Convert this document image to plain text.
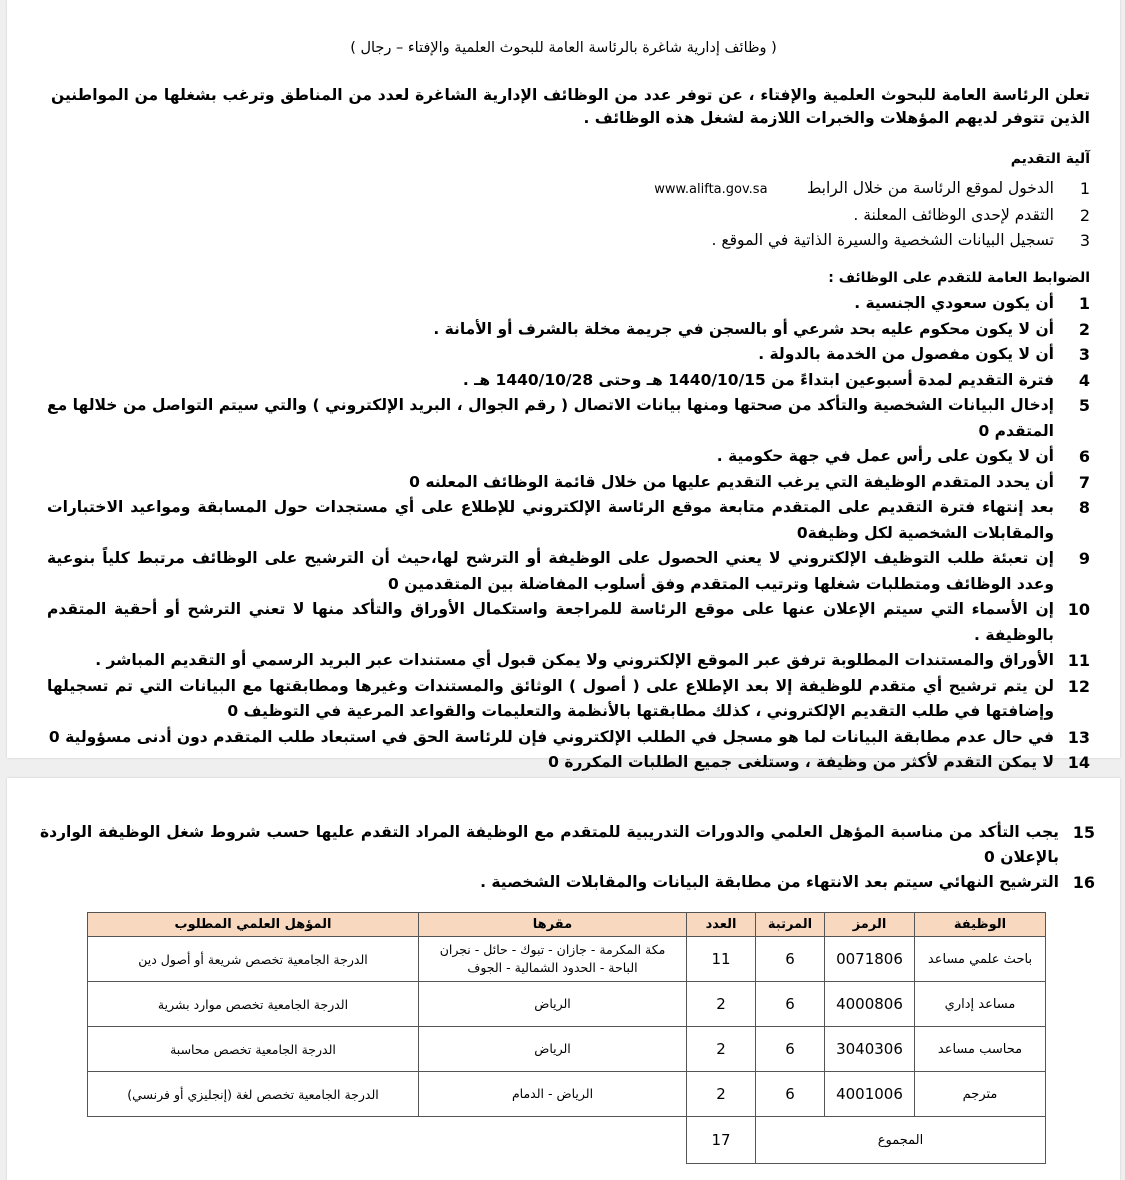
( وظائف إدارية شاغرة بالرئاسة العامة للبحوث العلمية والإفتاء – رجال )

تعلن الرئاسة العامة للبحوث العلمية والإفتاء ، عن توفر عدد من الوظائف الإدارية الشاغرة لعدد من المناطق وترغب بشغلها من المواطنين الذين تتوفر لديهم المؤهلات والخبرات اللازمة لشغل هذه الوظائف .

آلية التقديم
1
الدخول لموقع الرئاسة من خلال الرابط        www.alifta.gov.sa
2
التقدم لإحدى الوظائف المعلنة .
3
تسجيل البيانات الشخصية والسيرة الذاتية في الموقع .
الضوابط العامة للتقدم على الوظائف :
1
أن يكون سعودي الجنسية .
2
أن لا يكون محكوم عليه بحد شرعي أو بالسجن في جريمة مخلة بالشرف أو الأمانة .
3
أن لا يكون مفصول من الخدمة بالدولة .
4
فترة التقديم لمدة أسبوعين ابتداءً من 1440/10/15 هـ وحتى 1440/10/28 هـ .
5
إدخال البيانات الشخصية والتأكد من صحتها ومنها بيانات الاتصال ( رقم الجوال ، البريد الإلكتروني ) والتي سيتم التواصل من خلالها مع المتقدم 0
6
أن لا يكون على رأس عمل في جهة حكومية .
7
أن يحدد المتقدم الوظيفة التي يرغب التقديم عليها من خلال قائمة الوظائف المعلنه 0
8
بعد إنتهاء فترة التقديم على المتقدم متابعة موقع الرئاسة الإلكتروني للإطلاع على أي مستجدات حول المسابقة ومواعيد الاختبارات والمقابلات الشخصية لكل وظيفة0
9
إن تعبئة طلب التوظيف الإلكتروني لا يعني الحصول على الوظيفة أو الترشح لها،حيث أن الترشيح على الوظائف مرتبط كلياً بنوعية وعدد الوظائف ومتطلبات شغلها وترتيب المتقدم وفق أسلوب المفاضلة بين المتقدمين 0
10
إن الأسماء التي سيتم الإعلان عنها على موقع الرئاسة للمراجعة واستكمال الأوراق والتأكد منها لا تعني الترشح أو أحقية المتقدم بالوظيفة .
11
الأوراق والمستندات المطلوبة ترفق عبر الموقع الإلكتروني ولا يمكن قبول أي مستندات عبر البريد الرسمي أو التقديم المباشر .
12
لن يتم ترشيح أي متقدم للوظيفة إلا بعد الإطلاع على ( أصول ) الوثائق والمستندات وغيرها ومطابقتها مع البيانات التي تم تسجيلها وإضافتها في طلب التقديم الإلكتروني ، كذلك مطابقتها بالأنظمة والتعليمات والقواعد المرعية في التوظيف 0
13
في حال عدم مطابقة البيانات لما هو مسجل في الطلب الإلكتروني فإن للرئاسة الحق في استبعاد طلب المتقدم دون أدنى مسؤولية 0
14
لا يمكن التقدم لأكثر من وظيفة ، وستلغى جميع الطلبات المكررة 0
15
يجب التأكد من مناسبة المؤهل العلمي والدورات التدريبية للمتقدم مع الوظيفة المراد التقدم عليها حسب شروط شغل الوظيفة الواردة بالإعلان 0
16
الترشيح النهائي سيتم بعد الانتهاء من مطابقة البيانات والمقابلات الشخصية .
الوظيفة	الرمز	المرتبة	العدد	مقرها	المؤهل العلمي المطلوب
باحث علمي مساعد	0071806	6	11	مكة المكرمة - جازان - تبوك - حائل - نجران الباحة - الحدود الشمالية - الجوف	الدرجة الجامعية تخصص شريعة أو أصول دين
مساعد إداري	4000806	6	2	الرياض	الدرجة الجامعية تخصص موارد بشرية
محاسب مساعد	3040306	6	2	الرياض	الدرجة الجامعية تخصص محاسبة
مترجم	4001006	6	2	الرياض - الدمام	الدرجة الجامعية تخصص لغة (إنجليزي أو فرنسي)
المجموع			17		
